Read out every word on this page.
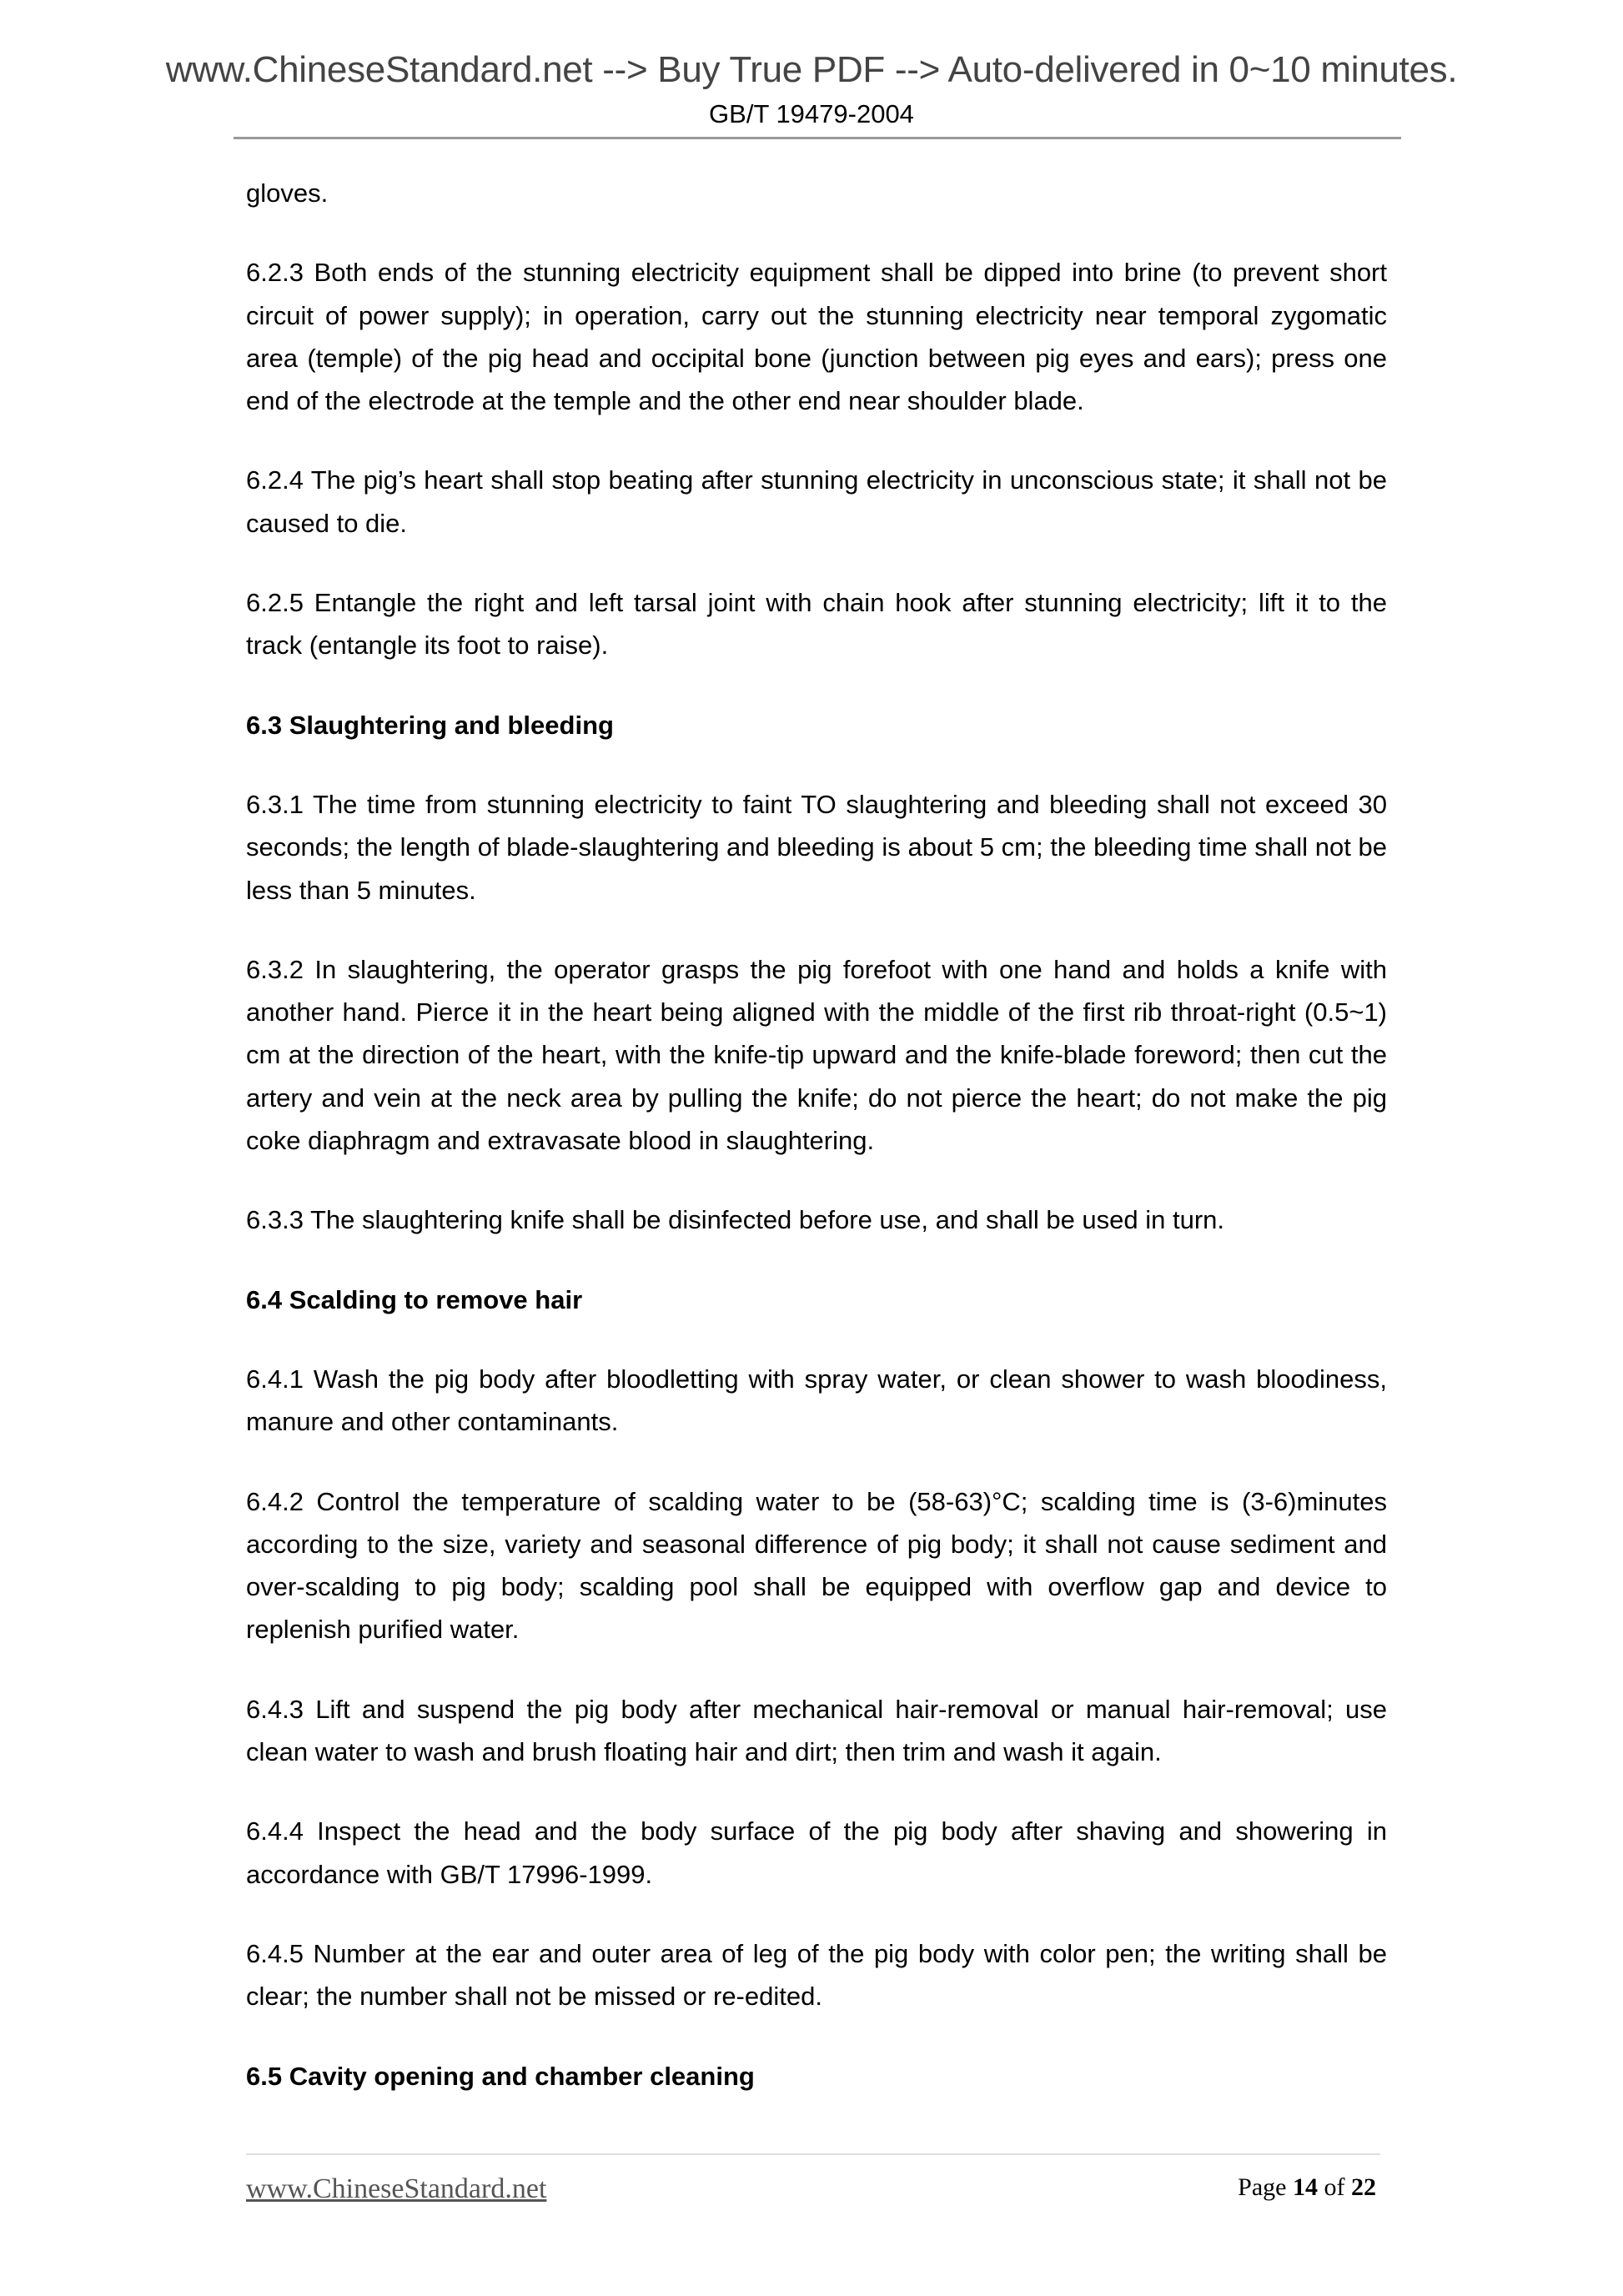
www.ChineseStandard.net --> Buy True PDF --> Auto-delivered in 0~10 minutes.
GB/T 19479-2004

gloves.

6.2.3 Both ends of the stunning electricity equipment shall be dipped into brine (to prevent short circuit of power supply); in operation, carry out the stunning electricity near temporal zygomatic area (temple) of the pig head and occipital bone (junction between pig eyes and ears); press one end of the electrode at the temple and the other end near shoulder blade.

6.2.4 The pig’s heart shall stop beating after stunning electricity in unconscious state; it shall not be caused to die.

6.2.5 Entangle the right and left tarsal joint with chain hook after stunning electricity; lift it to the track (entangle its foot to raise).

6.3 Slaughtering and bleeding

6.3.1 The time from stunning electricity to faint TO slaughtering and bleeding shall not exceed 30 seconds; the length of blade-slaughtering and bleeding is about 5 cm; the bleeding time shall not be less than 5 minutes.

6.3.2 In slaughtering, the operator grasps the pig forefoot with one hand and holds a knife with another hand. Pierce it in the heart being aligned with the middle of the first rib throat-right (0.5~1) cm at the direction of the heart, with the knife-tip upward and the knife-blade foreword; then cut the artery and vein at the neck area by pulling the knife; do not pierce the heart; do not make the pig coke diaphragm and extravasate blood in slaughtering.

6.3.3 The slaughtering knife shall be disinfected before use, and shall be used in turn.

6.4 Scalding to remove hair

6.4.1 Wash the pig body after bloodletting with spray water, or clean shower to wash bloodiness, manure and other contaminants.

6.4.2 Control the temperature of scalding water to be (58-63)°C; scalding time is (3-6)minutes according to the size, variety and seasonal difference of pig body; it shall not cause sediment and over-scalding to pig body; scalding pool shall be equipped with overflow gap and device to replenish purified water.

6.4.3 Lift and suspend the pig body after mechanical hair-removal or manual hair-removal; use clean water to wash and brush floating hair and dirt; then trim and wash it again.

6.4.4 Inspect the head and the body surface of the pig body after shaving and showering in accordance with GB/T 17996-1999.

6.4.5 Number at the ear and outer area of leg of the pig body with color pen; the writing shall be clear; the number shall not be missed or re-edited.

6.5 Cavity opening and chamber cleaning
www.ChineseStandard.net	Page 14 of 22
